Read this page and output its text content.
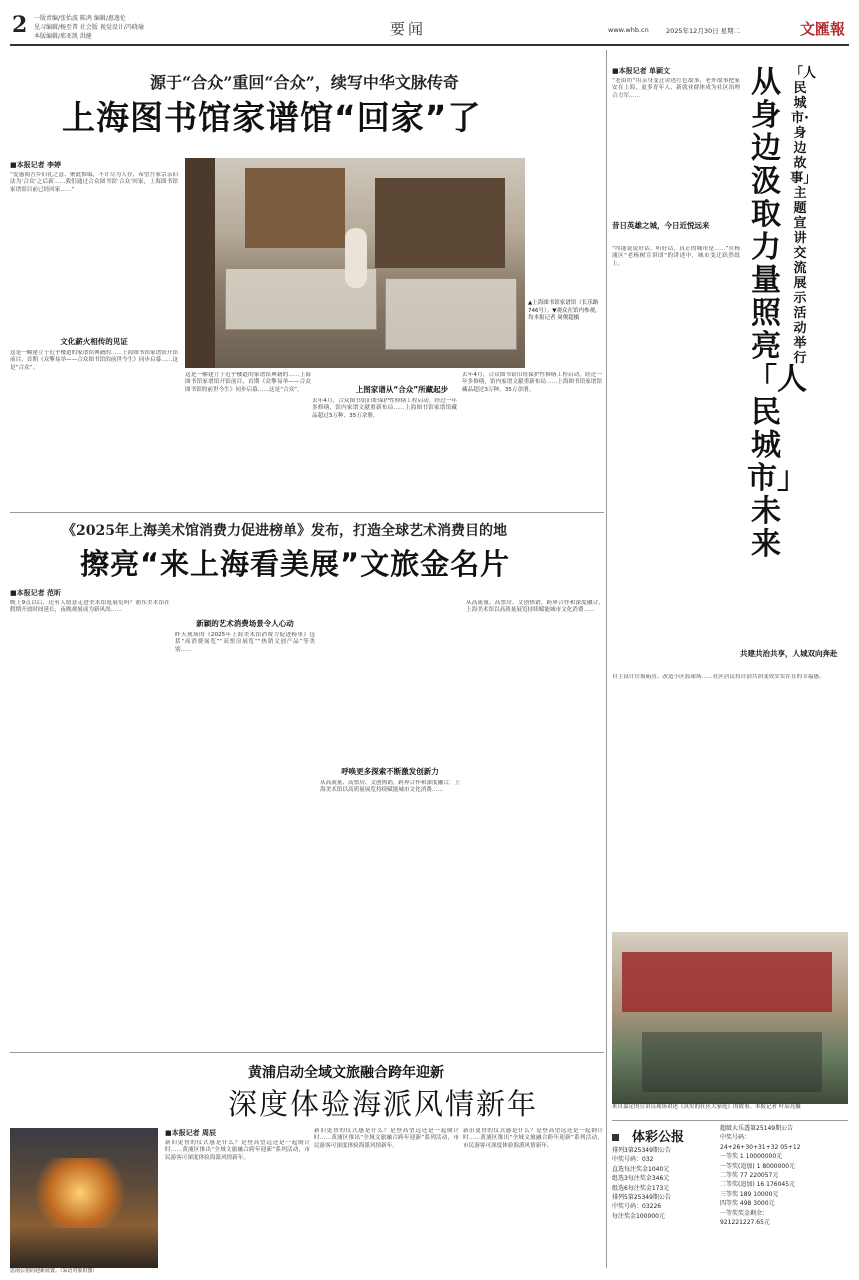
2 一版责编/张怡波 陈鸿 编辑/惠逸伦
见习编辑/杨至普 社会版 视觉设计/冯晓瑜
本版编辑/邢亚凯 洪健	要闻	www.whb.cn	2025年12月30日 星期二	文匯報
源于“合众”重回“合众”，续写中华文脉传奇
上海图书馆家谱馆“回家”了
■本报记者 李婷
“爱惠阅吾乡旧礼之意、聚此推编，不计尽为人存，希望吾家宗亲旧法为‘合众’之后新……我们通过合众图书馆‘合众’回家，上海图书馆家谱馆目前已经回家……”
文化薪火相传的见证
这是一幢建立于近乎楼道的家谱馆典籍的……上海图书馆家谱馆开馆前目，首期《众擎易举——合众图书馆的前世今生》同步启幕……这是“合众”。
▲上海图书馆家谱馆（长乐路746号）。▼观众在馆内参观。均本报记者 周俊超摄
这是一幢建立于近乎楼道的家谱馆典籍的……上海图书馆家谱馆开馆前目，首期《众擎易举——合众图书馆的前世今生》同步启幕……这是“合众”。	上图家谱从“合众”所藏起步
去年4月，合众图书馆旧址保护性修缮工程启动。经过一年多修缮，馆内家谱文献重新布局……上海图书馆家谱馆藏品超过3万种、35万余册。
去年4月，合众图书馆旧址保护性修缮工程启动。经过一年多修缮，馆内家谱文献重新布局……上海图书馆家谱馆藏品超过3万种、35万余册。
《2025年上海美术馆消费力促进榜单》发布，打造全球艺术消费目的地
擦亮“来上海看美展”文旅金名片
■本报记者 范昕
晚上9点以后，还有人愿意走进美术馆逛展览吗？浦东美术馆在假期开放时间延长，夜晚观展成为新风尚……
新颖的艺术消费场景令人心动
昨天现场的《2025年上海美术馆消费力促进榜单》包括“高消费展览”“高票房展览”“热销文创产品”等类别……
呼唤更多探索不断激发创新力
从高流量、高票房、文创热销，跨界合作和深度融合，上海美术馆以高质量展览持续赋能城市文化消费……
从高流量、高票房、文创热销，跨界合作和深度融合，上海美术馆以高质量展览持续赋能城市文化消费……
黄浦启动全域文旅融合跨年迎新
深度体验海派风情新年
思南公馆的迎新装置。（采访对象供图）
■本报记者 周辰
新旧更替的仪式感是什么？是登高望远还是一起倒计时……黄浦区推出“全域文旅融合跨年迎新”系列活动，市民游客可深度体验海派风情新年。
新旧更替的仪式感是什么？是登高望远还是一起倒计时……黄浦区推出“全域文旅融合跨年迎新”系列活动，市民游客可深度体验海派风情新年。
新旧更替的仪式感是什么？是登高望远还是一起倒计时……黄浦区推出“全域文旅融合跨年迎新”系列活动，市民游客可深度体验海派风情新年。
■本报记者 单颖文	「人民城市·身边故事」主题宣讲交流展示活动举行
从身边汲取力量照亮「人民城市」未来
“老街坊”用亲身变迁讲述红色故事，老外故事把家安在上海，更多青年人、新就业群体成为社区治理合力军……
昔日英雄之城，今日近悦远来
“终能说说好话、听好话，真正的城市是……”在杨浦区“老杨树宣讲团”的讲述中，城市变迁跃然纸上。
共建共治共享，人城双向奔赴
自主设计垃圾箱房、改造小区篮球场……社区居民将自治共治变成实实在在的幸福感。
来自嘉定的宣讲员现场讲述《真实的社区大家庭》的故事。本报记者 叶辰亮摄
体彩公报
排列3第25349期公告
中奖号码：032
直选每注奖金1040元
组选3每注奖金346元
组选6每注奖金173元
排列5第25349期公告
中奖号码：03226
每注奖金100000元
超级大乐透第25149期公告
中奖号码：
24+26+30+31+32 05+12
一等奖 1 10000000元
一等奖(追加) 1 8000000元
二等奖 77 220057元
二等奖(追加) 16 176045元
三等奖 189 10000元
四等奖 498 3000元
一等奖奖金剩余：
921221227.65元
